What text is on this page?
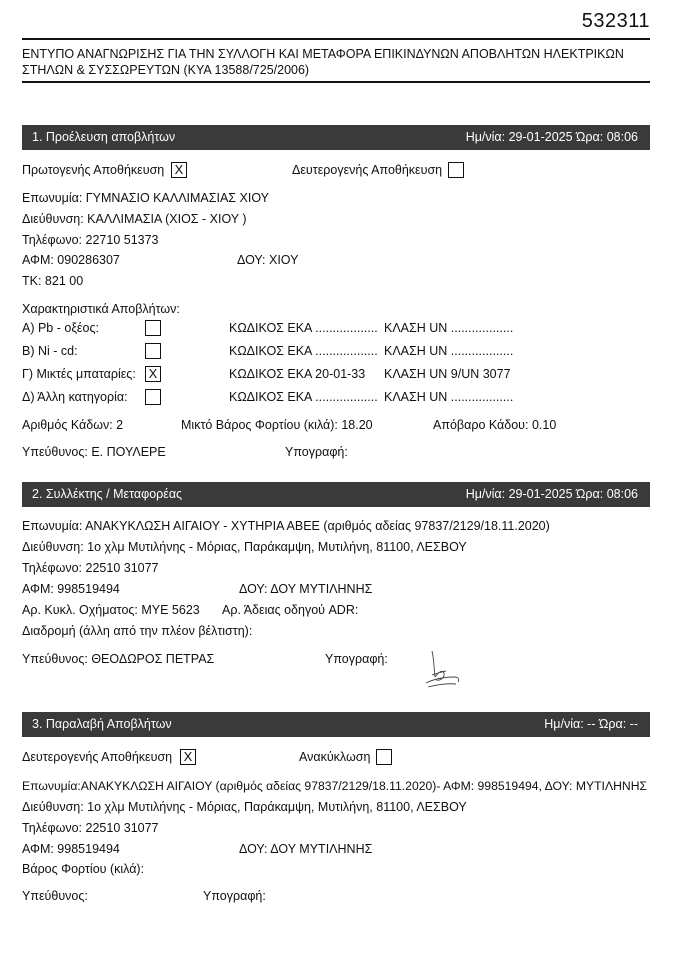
532311
ΕΝΤΥΠΟ ΑΝΑΓΝΩΡΙΣΗΣ ΓΙΑ ΤΗΝ ΣΥΛΛΟΓΗ ΚΑΙ ΜΕΤΑΦΟΡΑ ΕΠΙΚΙΝΔΥΝΩΝ ΑΠΟΒΛΗΤΩΝ ΗΛΕΚΤΡΙΚΩΝ ΣΤΗΛΩΝ & ΣΥΣΣΩΡΕΥΤΩΝ (ΚΥΑ 13588/725/2006)
1. Προέλευση αποβλήτων	Ημ/νία: 29-01-2025 Ώρα: 08:06
Πρωτογενής Αποθήκευση X	Δευτερογενής Αποθήκευση
Επωνυμία: ΓΥΜΝΑΣΙΟ ΚΑΛΛΙΜΑΣΙΑΣ ΧΙΟΥ
Διεύθυνση: ΚΑΛΛΙΜΑΣΙΑ (ΧΙΟΣ - ΧΙΟΥ )
Τηλέφωνο: 22710 51373
ΑΦΜ: 090286307	ΔΟΥ: ΧΙΟΥ
ΤΚ: 821 00
Χαρακτηριστικά Αποβλήτων:
Α) Pb - οξέος:	ΚΩΔΙΚΟΣ ΕΚΑ .................. ΚΛΑΣΗ UN ..................
Β) Ni - cd:	ΚΩΔΙΚΟΣ ΕΚΑ .................. ΚΛΑΣΗ UN ..................
Γ) Μικτές μπαταρίες: X	ΚΩΔΙΚΟΣ ΕΚΑ 20-01-33 ΚΛΑΣΗ UN 9/UN 3077
Δ) Άλλη κατηγορία:	ΚΩΔΙΚΟΣ ΕΚΑ .................. ΚΛΑΣΗ UN ..................
Αριθμός Κάδων: 2	Μικτό Βάρος Φορτίου (κιλά): 18.20	Απόβαρο Κάδου: 0.10
Υπεύθυνος: Ε. ΠΟΥΛΕΡΕ	Υπογραφή:
2. Συλλέκτης / Μεταφορέας	Ημ/νία: 29-01-2025 Ώρα: 08:06
Επωνυμία: ΑΝΑΚΥΚΛΩΣΗ ΑΙΓΑΙΟΥ - ΧΥΤΗΡΙΑ ΑΒΕΕ (αριθμός αδείας 97837/2129/18.11.2020)
Διεύθυνση: 1ο χλμ Μυτιλήνης - Μόριας, Παράκαμψη, Μυτιλήνη, 81100, ΛΕΣΒΟΥ
Τηλέφωνο: 22510 31077
ΑΦΜ: 998519494	ΔΟΥ: ΔΟΥ ΜΥΤΙΛΗΝΗΣ
Αρ. Κυκλ. Οχήματος: ΜΥΕ 5623 Αρ. Άδειας οδηγού ADR:
Διαδρομή (άλλη από την πλέον βέλτιστη):
Υπεύθυνος: ΘΕΟΔΩΡΟΣ ΠΕΤΡΑΣ	Υπογραφή:
3. Παραλαβή Αποβλήτων	Ημ/νία: -- Ώρα: --
Δευτερογενής Αποθήκευση X	Ανακύκλωση
Επωνυμία:ΑΝΑΚΥΚΛΩΣΗ ΑΙΓΑΙΟΥ (αριθμός αδείας 97837/2129/18.11.2020)- ΑΦΜ: 998519494, ΔΟΥ: ΜΥΤΙΛΗΝΗΣ
Διεύθυνση: 1ο χλμ Μυτιλήνης - Μόριας, Παράκαμψη, Μυτιλήνη, 81100, ΛΕΣΒΟΥ
Τηλέφωνο: 22510 31077
ΑΦΜ: 998519494	ΔΟΥ: ΔΟΥ ΜΥΤΙΛΗΝΗΣ
Βάρος Φορτίου (κιλά):
Υπεύθυνος:	Υπογραφή:
